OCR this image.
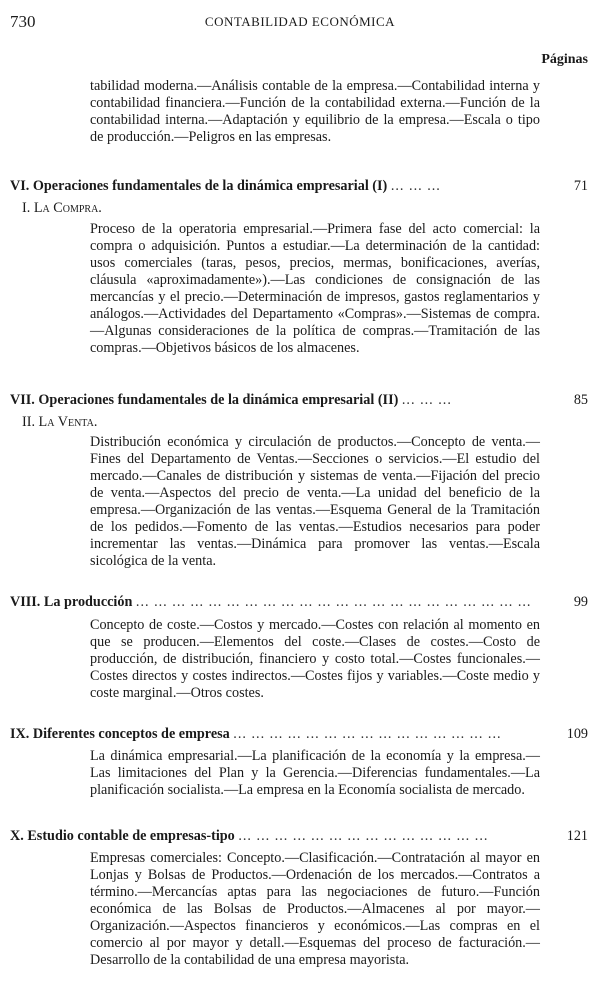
730	CONTABILIDAD ECONÓMICA
Páginas
tabilidad moderna.—Análisis contable de la empresa.—Contabilidad interna y contabilidad financiera.—Función de la contabilidad externa.—Función de la contabilidad interna.—Adaptación y equilibrio de la empresa.—Escala o tipo de producción.—Peligros en las empresas.
VI. Operaciones fundamentales de la dinámica empresarial (I) ... ... ...	71
I. La Compra.
Proceso de la operatoria empresarial.—Primera fase del acto comercial: la compra o adquisición. Puntos a estudiar.—La determinación de la cantidad: usos comerciales (taras, pesos, precios, mermas, bonificaciones, averías, cláusula «aproximadamente»).—Las condiciones de consignación de las mercancías y el precio.—Determinación de impresos, gastos reglamentarios y análogos.—Actividades del Departamento «Compras».—Sistemas de compra.—Algunas consideraciones de la política de compras.—Tramitación de las compras.—Objetivos básicos de los almacenes.
VII. Operaciones fundamentales de la dinámica empresarial (II) ... ... ...	85
II. La Venta.
Distribución económica y circulación de productos.—Concepto de venta.—Fines del Departamento de Ventas.—Secciones o servicios.—El estudio del mercado.—Canales de distribución y sistemas de venta.—Fijación del precio de venta.—Aspectos del precio de venta.—La unidad del beneficio de la empresa.—Organización de las ventas.—Esquema General de la Tramitación de los pedidos.—Fomento de las ventas.—Estudios necesarios para poder incrementar las ventas.—Dinámica para promover las ventas.—Escala sicológica de la venta.
VIII. La producción ... ... ... ... ... ... ... ... ... ... ... ... ... ... ... ... ... ... ... ... ... ...	99
Concepto de coste.—Costos y mercado.—Costes con relación al momento en que se producen.—Elementos del coste.—Clases de costes.—Costo de producción, de distribución, financiero y costo total.—Costes funcionales.—Costes directos y costes indirectos.—Costes fijos y variables.—Coste medio y coste marginal.—Otros costes.
IX. Diferentes conceptos de empresa ... ... ... ... ... ... ... ... ... ... ... ... ... ... ...	109
La dinámica empresarial.—La planificación de la economía y la empresa.—Las limitaciones del Plan y la Gerencia.—Diferencias fundamentales.—La planificación socialista.—La empresa en la Economía socialista de mercado.
X. Estudio contable de empresas-tipo ... ... ... ... ... ... ... ... ... ... ... ... ... ...	121
Empresas comerciales: Concepto.—Clasificación.—Contratación al mayor en Lonjas y Bolsas de Productos.—Ordenación de los mercados.—Contratos a término.—Mercancías aptas para las negociaciones de futuro.—Función económica de las Bolsas de Productos.—Almacenes al por mayor.—Organización.—Aspectos financieros y económicos.—Las compras en el comercio al por mayor y detall.—Esquemas del proceso de facturación.—Desarrollo de la contabilidad de una empresa mayorista.
